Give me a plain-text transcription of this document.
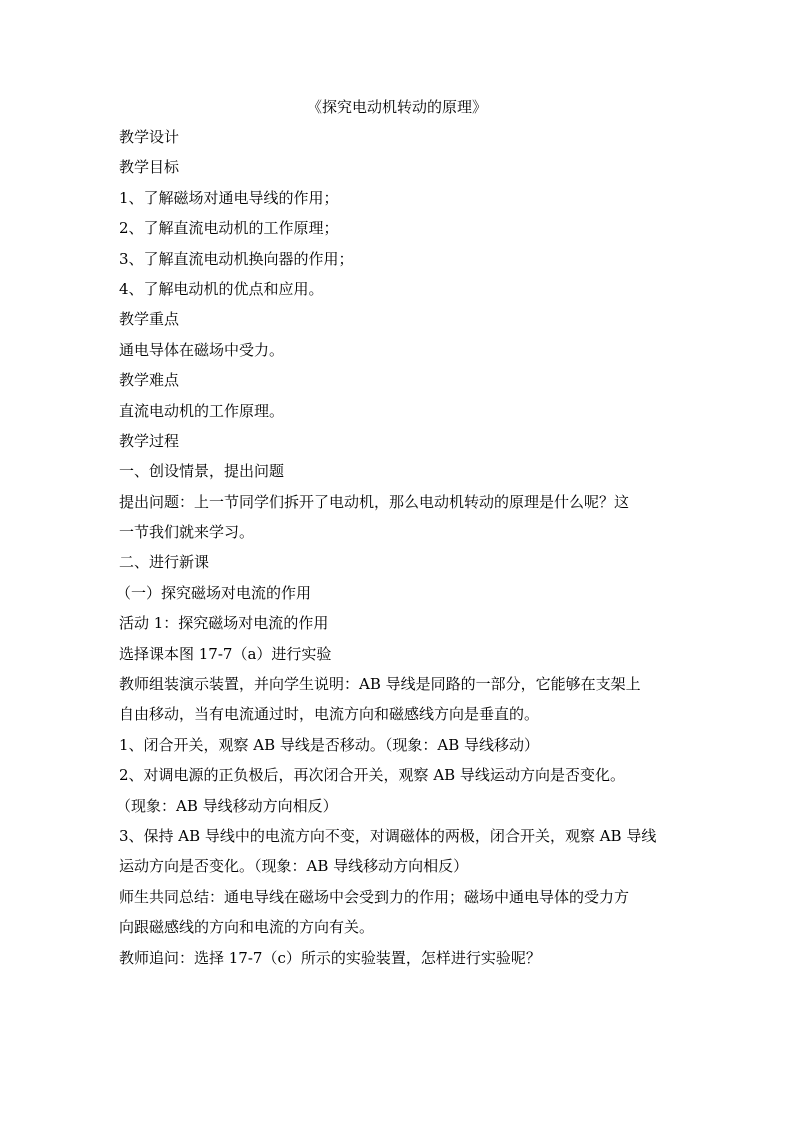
《探究电动机转动的原理》
教学设计
教学目标
1、了解磁场对通电导线的作用；
2、了解直流电动机的工作原理；
3、了解直流电动机换向器的作用；
4、了解电动机的优点和应用。
教学重点
通电导体在磁场中受力。
教学难点
直流电动机的工作原理。
教学过程
一、创设情景，提出问题
提出问题：上一节同学们拆开了电动机，那么电动机转动的原理是什么呢？这
一节我们就来学习。
二、进行新课
（一）探究磁场对电流的作用
活动 1：探究磁场对电流的作用
选择课本图 17-7（a）进行实验
教师组装演示装置，并向学生说明：AB 导线是同路的一部分，它能够在支架上
自由移动，当有电流通过时，电流方向和磁感线方向是垂直的。
1、闭合开关，观察 AB 导线是否移动。（现象：AB 导线移动）
2、对调电源的正负极后，再次闭合开关，观察 AB 导线运动方向是否变化。
（现象：AB 导线移动方向相反）
3、保持 AB 导线中的电流方向不变，对调磁体的两极，闭合开关，观察 AB 导线
运动方向是否变化。（现象：AB 导线移动方向相反）
师生共同总结：通电导线在磁场中会受到力的作用；磁场中通电导体的受力方
向跟磁感线的方向和电流的方向有关。
教师追问：选择 17-7（c）所示的实验装置，怎样进行实验呢？
